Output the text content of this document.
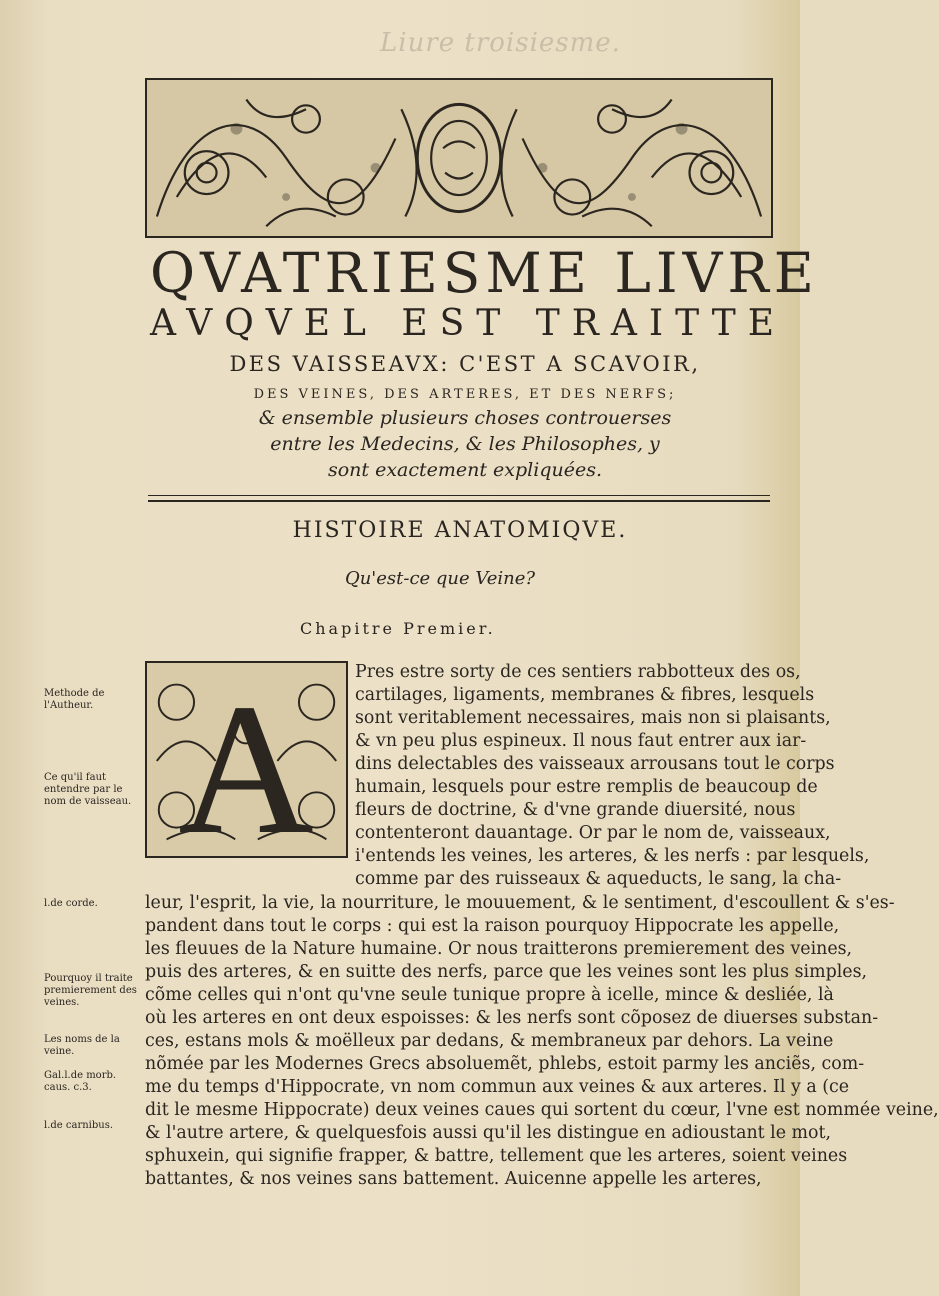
Liure troisiesme.
QVATRIESME LIVRE
AVQVEL EST TRAITTE
DES VAISSEAVX: C'EST A SCAVOIR,
DES VEINES, DES ARTERES, ET DES NERFS;
& ensemble plusieurs choses controuerses
entre les Medecins, & les Philosophes, y
sont exactement expliquées.
HISTOIRE ANATOMIQVE.
Qu'est-ce que Veine?
Chapitre Premier.
A Pres estre sorty de ces sentiers rabbotteux des os,
cartilages, ligaments, membranes & fibres, lesquels
sont veritablement necessaires, mais non si plaisants,
& vn peu plus espineux. Il nous faut entrer aux iar-
dins delectables des vaisseaux arrousans tout le corps
humain, lesquels pour estre remplis de beaucoup de
fleurs de doctrine, & d'vne grande diuersité, nous
contenteront dauantage. Or par le nom de, vaisseaux,
i'entends les veines, les arteres, & les nerfs : par lesquels,
comme par des ruisseaux & aqueducts, le sang, la cha-
leur, l'esprit, la vie, la nourriture, le mouuement, & le sentiment, d'escoullent & s'es-
pandent dans tout le corps : qui est la raison pourquoy Hippocrate les appelle,
les fleuues de la Nature humaine. Or nous traitterons premierement des veines,
puis des arteres, & en suitte des nerfs, parce que les veines sont les plus simples,
cõme celles qui n'ont qu'vne seule tunique propre à icelle, mince & desliée, là
où les arteres en ont deux espoisses: & les nerfs sont cõposez de diuerses substan-
ces, estans mols & moëlleux par dedans, & membraneux par dehors. La veine
nõmée par les Modernes Grecs absoluemẽt, phlebs, estoit parmy les anciẽs, com-
me du temps d'Hippocrate, vn nom commun aux veines & aux arteres. Il y a (ce
dit le mesme Hippocrate) deux veines caues qui sortent du cœur, l'vne est nommée veine,
& l'autre artere, & quelquesfois aussi qu'il les distingue en adioustant le mot,
sphuxein, qui signifie frapper, & battre, tellement que les arteres, soient veines
battantes, & nos veines sans battement. Auicenne appelle les arteres,
Methode de l'Autheur.
Ce qu'il faut entendre par le nom de vaisseau.
l.de corde.
Pourquoy il traite premierement des veines.
Les noms de la veine.
Gal.l.de morb. caus. c.3.
l.de carnibus.
